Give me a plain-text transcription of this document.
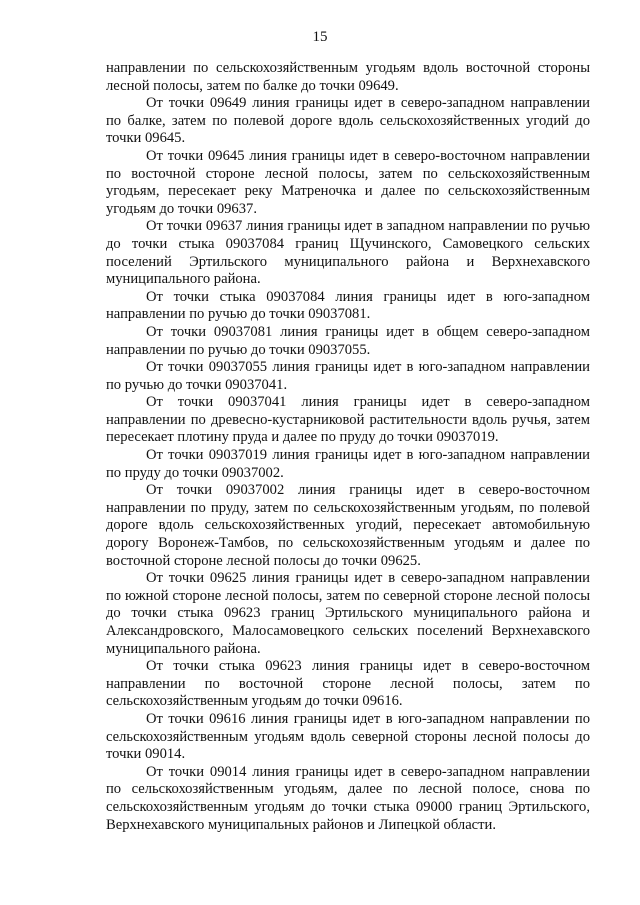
15

направлении по сельскохозяйственным угодьям вдоль восточной стороны лесной полосы, затем по балке до точки 09649.

От точки 09649 линия границы идет в северо-западном направлении по балке, затем по полевой дороге вдоль сельскохозяйственных угодий до точки 09645.

От точки 09645 линия границы идет в северо-восточном направлении по восточной стороне лесной полосы, затем по сельскохозяйственным угодьям, пересекает реку Матреночка и далее по сельскохозяйственным угодьям до точки 09637.

От точки 09637 линия границы идет в западном направлении по ручью до точки стыка 09037084 границ Щучинского, Самовецкого сельских поселений Эртильского муниципального района и Верхнехавского муниципального района.

От точки стыка 09037084 линия границы идет в юго-западном направлении по ручью до точки 09037081.

От точки 09037081 линия границы идет в общем северо-западном направлении по ручью до точки 09037055.

От точки 09037055 линия границы идет в юго-западном направлении по ручью до точки 09037041.

От точки 09037041 линия границы идет в северо-западном направлении по древесно-кустарниковой растительности вдоль ручья, затем пересекает плотину пруда и далее по пруду до точки 09037019.

От точки 09037019 линия границы идет в юго-западном направлении по пруду до точки 09037002.

От точки 09037002 линия границы идет в северо-восточном направлении по пруду, затем по сельскохозяйственным угодьям, по полевой дороге вдоль сельскохозяйственных угодий, пересекает автомобильную дорогу Воронеж-Тамбов, по сельскохозяйственным угодьям и далее по восточной стороне лесной полосы до точки 09625.

От точки 09625 линия границы идет в северо-западном направлении по южной стороне лесной полосы, затем по северной стороне лесной полосы до точки стыка 09623 границ Эртильского муниципального района и Александровского, Малосамовецкого сельских поселений Верхнехавского муниципального района.

От точки стыка 09623 линия границы идет в северо-восточном направлении по восточной стороне лесной полосы, затем по сельскохозяйственным угодьям до точки 09616.

От точки 09616 линия границы идет в юго-западном направлении по сельскохозяйственным угодьям вдоль северной стороны лесной полосы до точки 09014.

От точки 09014 линия границы идет в северо-западном направлении по сельскохозяйственным угодьям, далее по лесной полосе, снова по сельскохозяйственным угодьям до точки стыка 09000 границ Эртильского, Верхнехавского муниципальных районов и Липецкой области.
